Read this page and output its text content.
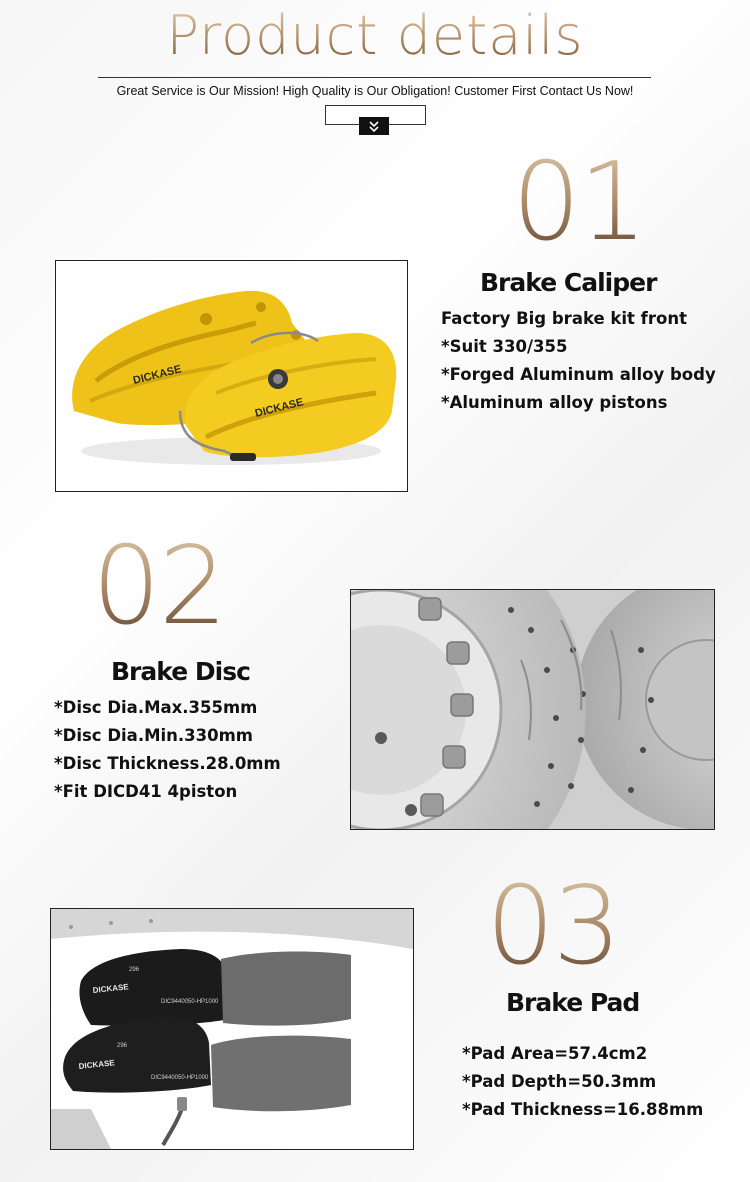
Product details
Great Service is Our Mission! High Quality is Our Obligation! Customer First Contact Us Now!
01
DICKASE
DICKASE
Brake Caliper
Factory Big brake kit front
*Suit 330/355
*Forged Aluminum alloy body
*Aluminum alloy pistons
02
Brake Disc
*Disc Dia.Max.355mm
*Disc Dia.Min.330mm
*Disc Thickness.28.0mm
*Fit DICD41 4piston
03
DICKASE
DICKASE
296
DIC9440050-HP1000
296
DIC9440050-HP1000
Brake Pad
*Pad Area=57.4cm2
*Pad Depth=50.3mm
*Pad Thickness=16.88mm
